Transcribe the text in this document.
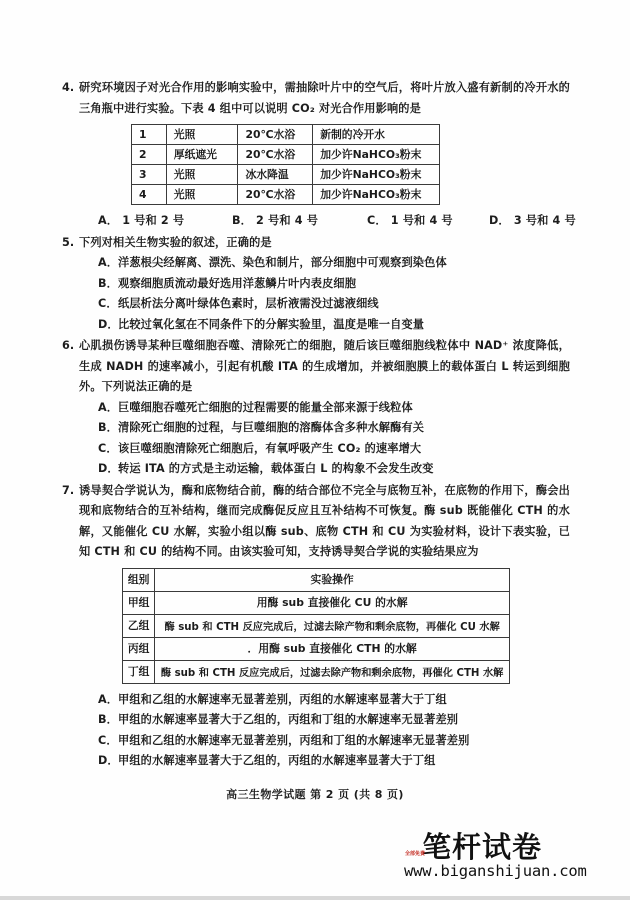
4. 研究环境因子对光合作用的影响实验中，需抽除叶片中的空气后，将叶片放入盛有新制的冷开水的三角瓶中进行实验。下表 4 组中可以说明 CO₂ 对光合作用影响的是
1	光照	20℃水浴	新制的冷开水
2	厚纸遮光	20℃水浴	加少许NaHCO₃粉末
3	光照	冰水降温	加少许NaHCO₃粉末
4	光照	20℃水浴	加少许NaHCO₃粉末
A． 1 号和 2 号	B． 2 号和 4 号	C． 1 号和 4 号	D． 3 号和 4 号
5. 下列对相关生物实验的叙述，正确的是
A． 洋葱根尖经解离、漂洗、染色和制片，部分细胞中可观察到染色体
B． 观察细胞质流动最好选用洋葱鳞片叶内表皮细胞
C． 纸层析法分离叶绿体色素时，层析液需没过滤液细线
D． 比较过氧化氢在不同条件下的分解实验里，温度是唯一自变量
6. 心肌损伤诱导某种巨噬细胞吞噬、清除死亡的细胞，随后该巨噬细胞线粒体中 NAD⁺ 浓度降低，生成 NADH 的速率减小，引起有机酸 ITA 的生成增加，并被细胞膜上的载体蛋白 L 转运到细胞外。下列说法正确的是
A． 巨噬细胞吞噬死亡细胞的过程需要的能量全部来源于线粒体
B． 清除死亡细胞的过程，与巨噬细胞的溶酶体含多种水解酶有关
C． 该巨噬细胞清除死亡细胞后，有氧呼吸产生 CO₂ 的速率增大
D． 转运 ITA 的方式是主动运输，载体蛋白 L 的构象不会发生改变
7. 诱导契合学说认为，酶和底物结合前，酶的结合部位不完全与底物互补，在底物的作用下，酶会出现和底物结合的互补结构，继而完成酶促反应且互补结构不可恢复。酶 sub 既能催化 CTH 的水解，又能催化 CU 水解，实验小组以酶 sub、底物 CTH 和 CU 为实验材料，设计下表实验，已知 CTH 和 CU 的结构不同。由该实验可知，支持诱导契合学说的实验结果应为
组别	实验操作
甲组	用酶 sub 直接催化 CU 的水解
乙组	酶 sub 和 CTH 反应完成后，过滤去除产物和剩余底物，再催化 CU 水解
丙组	．用酶 sub 直接催化 CTH 的水解
丁组	酶 sub 和 CTH 反应完成后，过滤去除产物和剩余底物，再催化 CTH 水解
A． 甲组和乙组的水解速率无显著差别，丙组的水解速率显著大于丁组
B． 甲组的水解速率显著大于乙组的，丙组和丁组的水解速率无显著差别
C． 甲组和乙组的水解速率无显著差别，丙组和丁组的水解速率无显著差别
D． 甲组的水解速率显著大于乙组的，丙组的水解速率显著大于丁组
高三生物学试题 第 2 页 (共 8 页)
全部免费
笔杆试卷
www.biganshijuan.com
